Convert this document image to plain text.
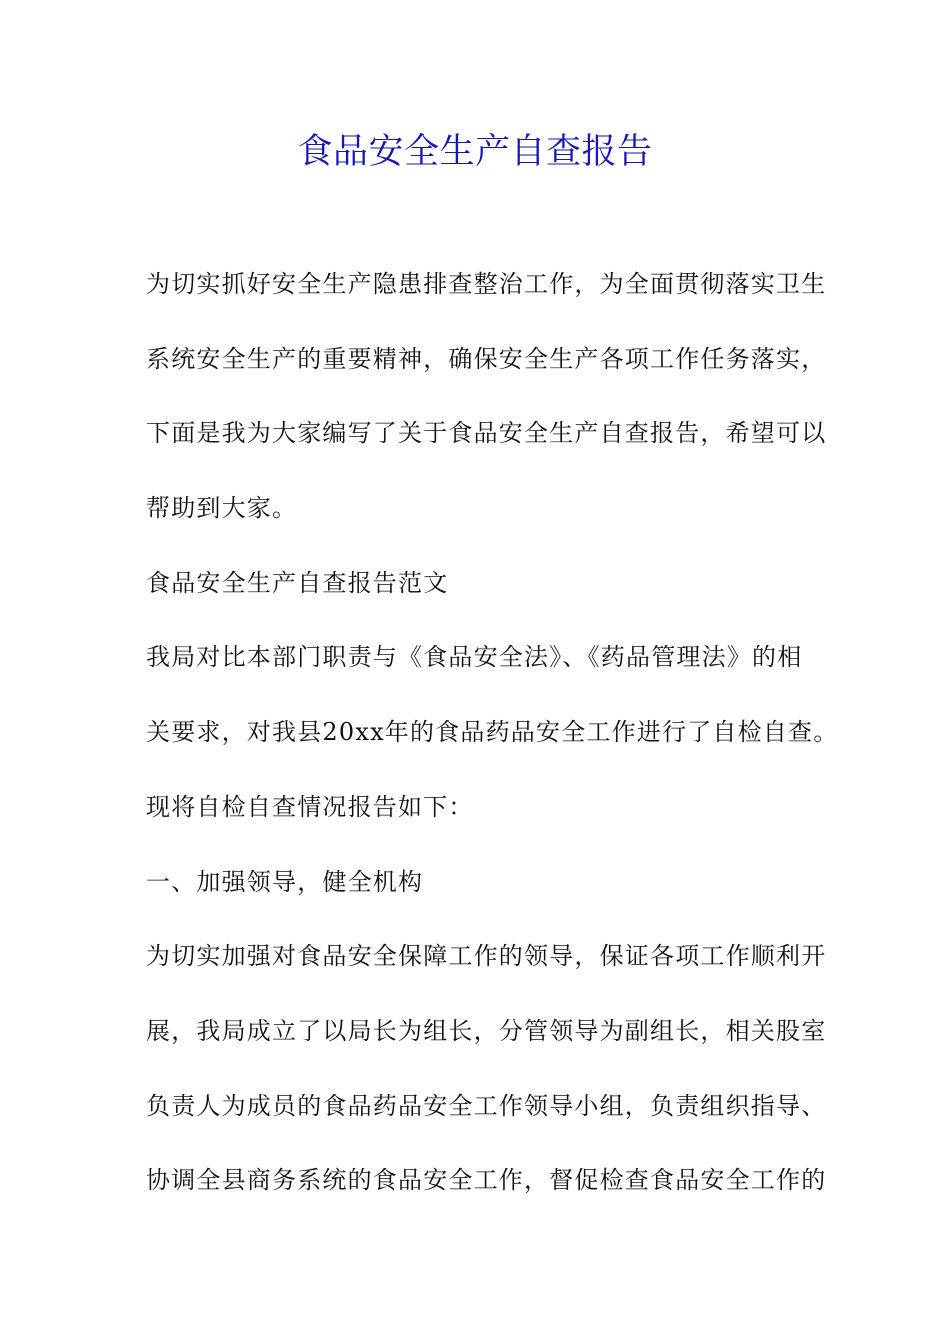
食品安全生产自查报告
为切实抓好安全生产隐患排查整治工作，为全面贯彻落实卫生
系统安全生产的重要精神，确保安全生产各项工作任务落实，
下面是我为大家编写了关于食品安全生产自查报告，希望可以
帮助到大家。
食品安全生产自查报告范文
我局对比本部门职责与《食品安全法》、《药品管理法》的相
关要求，对我县20xx年的食品药品安全工作进行了自检自查。
现将自检自查情况报告如下：
一、加强领导，健全机构
为切实加强对食品安全保障工作的领导，保证各项工作顺利开
展，我局成立了以局长为组长，分管领导为副组长，相关股室
负责人为成员的食品药品安全工作领导小组，负责组织指导、
协调全县商务系统的食品安全工作，督促检查食品安全工作的
